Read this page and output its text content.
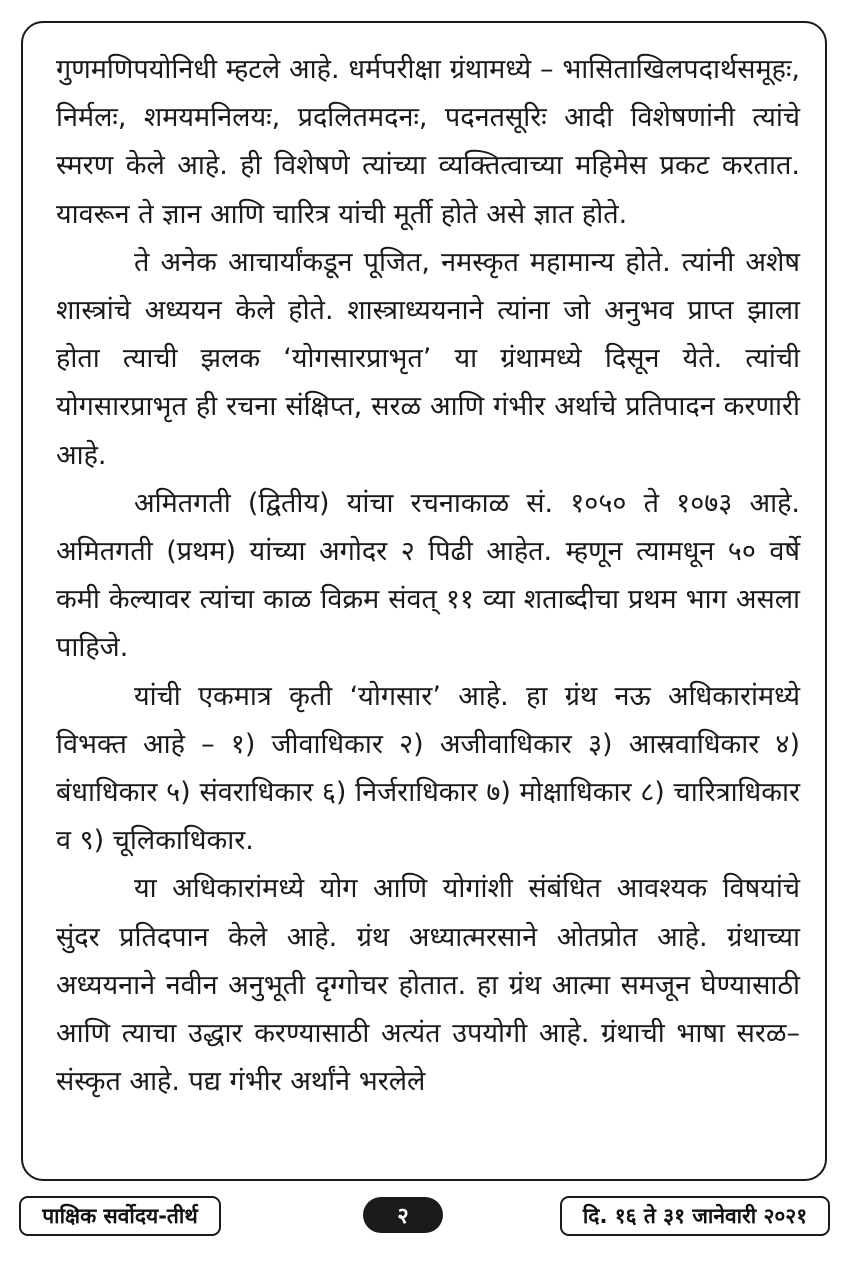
गुणमणिपयोनिधी म्हटले आहे. धर्मपरीक्षा ग्रंथामध्ये – भासिताखिलपदार्थसमूहः, निर्मलः, शमयमनिलयः, प्रदलितमदनः, पदनतसूरिः आदी विशेषणांनी त्यांचे स्मरण केले आहे. ही विशेषणे त्यांच्या व्यक्तित्वाच्या महिमेस प्रकट करतात. यावरून ते ज्ञान आणि चारित्र यांची मूर्ती होते असे ज्ञात होते.

ते अनेक आचार्यांकडून पूजित, नमस्कृत महामान्य होते. त्यांनी अशेष शास्त्रांचे अध्ययन केले होते. शास्त्राध्ययनाने त्यांना जो अनुभव प्राप्त झाला होता त्याची झलक ‘योगसारप्राभृत’ या ग्रंथामध्ये दिसून येते. त्यांची योगसारप्राभृत ही रचना संक्षिप्त, सरळ आणि गंभीर अर्थाचे प्रतिपादन करणारी आहे.

अमितगती (द्वितीय) यांचा रचनाकाळ सं. १०५० ते १०७३ आहे. अमितगती (प्रथम) यांच्या अगोदर २ पिढी आहेत. म्हणून त्यामधून ५० वर्षे कमी केल्यावर त्यांचा काळ विक्रम संवत् ११ व्या शताब्दीचा प्रथम भाग असला पाहिजे.

यांची एकमात्र कृती ‘योगसार’ आहे. हा ग्रंथ नऊ अधिकारांमध्ये विभक्त आहे – १) जीवाधिकार २) अजीवाधिकार ३) आस्रवाधिकार ४) बंधाधिकार ५) संवराधिकार ६) निर्जराधिकार ७) मोक्षाधिकार ८) चारित्राधिकार व ९) चूलिकाधिकार.

या अधिकारांमध्ये योग आणि योगांशी संबंधित आवश्यक विषयांचे सुंदर प्रतिदपान केले आहे. ग्रंथ अध्यात्मरसाने ओतप्रोत आहे. ग्रंथाच्या अध्ययनाने नवीन अनुभूती दृग्गोचर होतात. हा ग्रंथ आत्मा समजून घेण्यासाठी आणि त्याचा उद्धार करण्यासाठी अत्यंत उपयोगी आहे. ग्रंथाची भाषा सरळ–संस्कृत आहे. पद्य गंभीर अर्थांने भरलेले

पाक्षिक सर्वोदय-तीर्थ	२	दि. १६ ते ३१ जानेवारी २०२१
